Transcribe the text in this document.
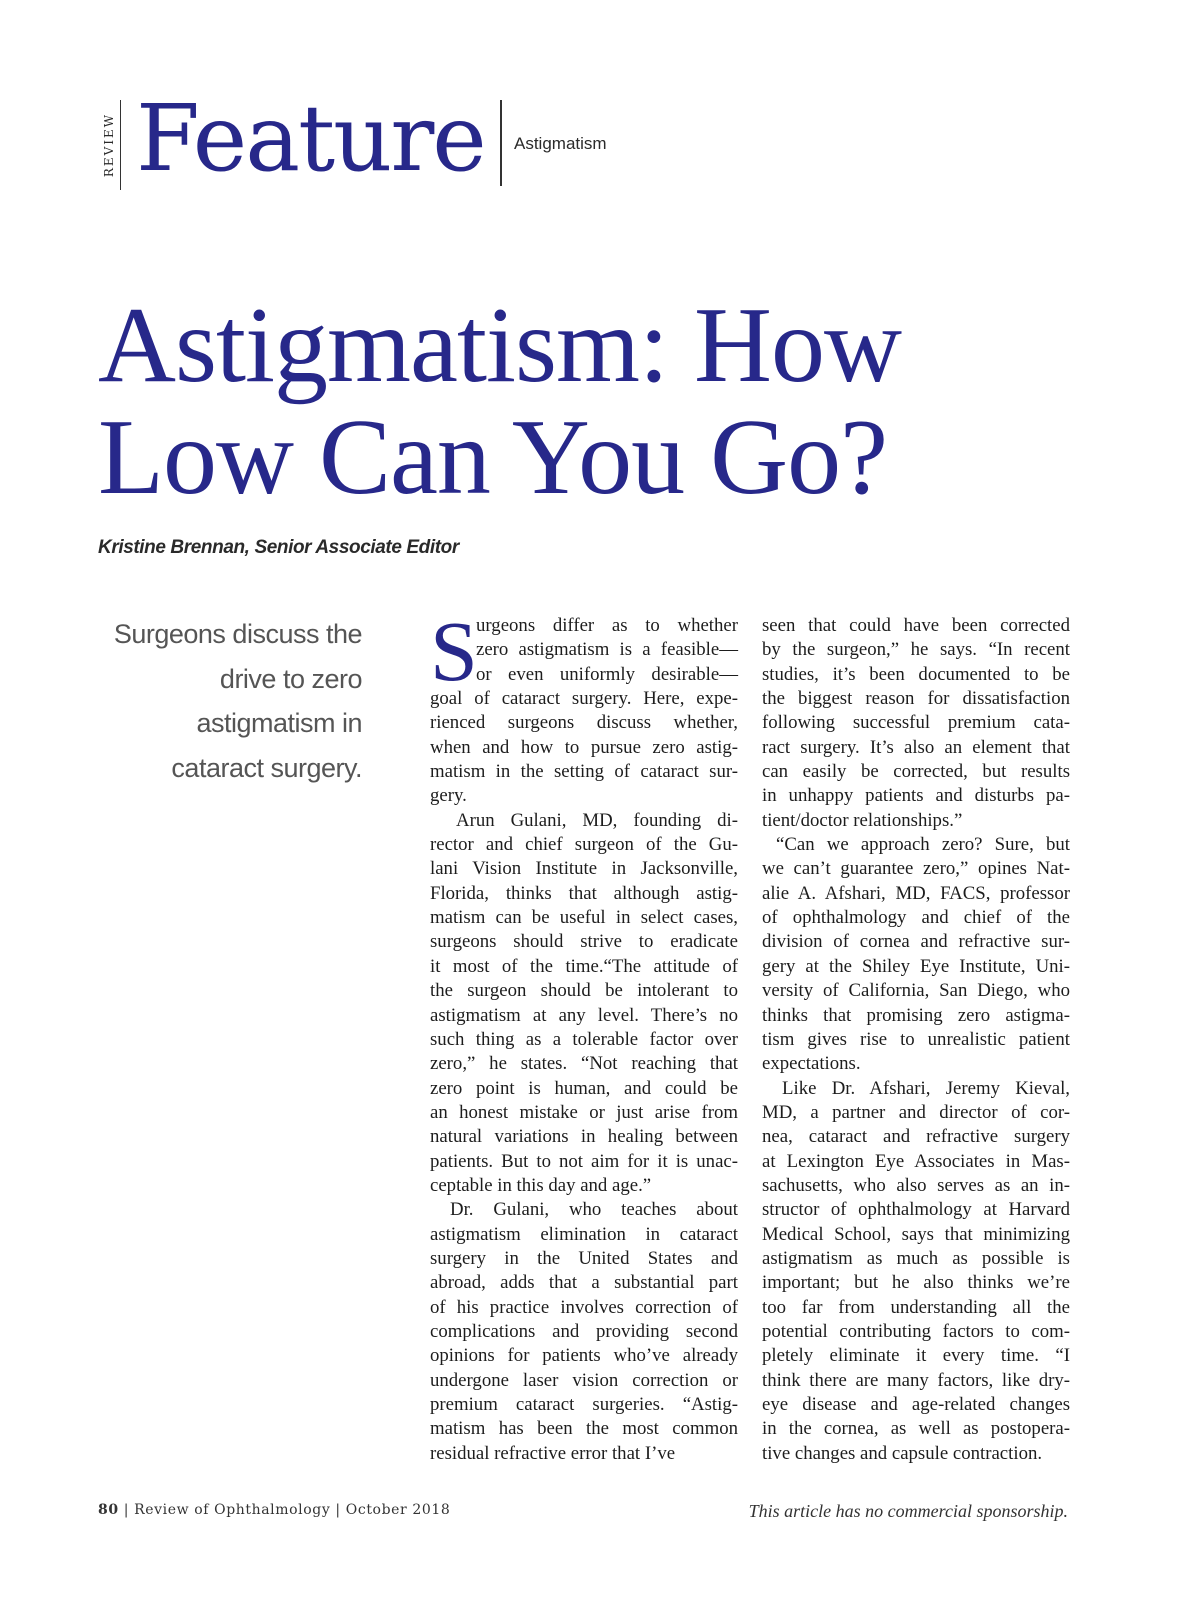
REVIEW Feature Astigmatism
Astigmatism: How
Low Can You Go?
Kristine Brennan, Senior Associate Editor
Surgeons discuss the drive to zero astigmatism in cataract surgery.
S
urgeons differ as to whether
zero astigmatism is a feasible—
or even uniformly desirable—
goal of cataract surgery. Here, expe-
rienced surgeons discuss whether,
when and how to pursue zero astig-
matism in the setting of cataract sur-
gery.
Arun Gulani, MD, founding di-
rector and chief surgeon of the Gu-
lani Vision Institute in Jacksonville,
Florida, thinks that although astig-
matism can be useful in select cases,
surgeons should strive to eradicate
it most of the time.“The attitude of
the surgeon should be intolerant to
astigmatism at any level. There’s no
such thing as a tolerable factor over
zero,” he states. “Not reaching that
zero point is human, and could be
an honest mistake or just arise from
natural variations in healing between
patients. But to not aim for it is unac-
ceptable in this day and age.”
Dr. Gulani, who teaches about
astigmatism elimination in cataract
surgery in the United States and
abroad, adds that a substantial part
of his practice involves correction of
complications and providing second
opinions for patients who’ve already
undergone laser vision correction or
premium cataract surgeries. “Astig-
matism has been the most common
residual refractive error that I’ve
seen that could have been corrected
by the surgeon,” he says. “In recent
studies, it’s been documented to be
the biggest reason for dissatisfaction
following successful premium cata-
ract surgery. It’s also an element that
can easily be corrected, but results
in unhappy patients and disturbs pa-
tient/doctor relationships.”
“Can we approach zero? Sure, but
we can’t guarantee zero,” opines Nat-
alie A. Afshari, MD, FACS, professor
of ophthalmology and chief of the
division of cornea and refractive sur-
gery at the Shiley Eye Institute, Uni-
versity of California, San Diego, who
thinks that promising zero astigma-
tism gives rise to unrealistic patient
expectations.
Like Dr. Afshari, Jeremy Kieval,
MD, a partner and director of cor-
nea, cataract and refractive surgery
at Lexington Eye Associates in Mas-
sachusetts, who also serves as an in-
structor of ophthalmology at Harvard
Medical School, says that minimizing
astigmatism as much as possible is
important; but he also thinks we’re
too far from understanding all the
potential contributing factors to com-
pletely eliminate it every time. “I
think there are many factors, like dry-
eye disease and age-related changes
in the cornea, as well as postopera-
tive changes and capsule contraction.
80 | Review of Ophthalmology | October 2018	This article has no commercial sponsorship.
